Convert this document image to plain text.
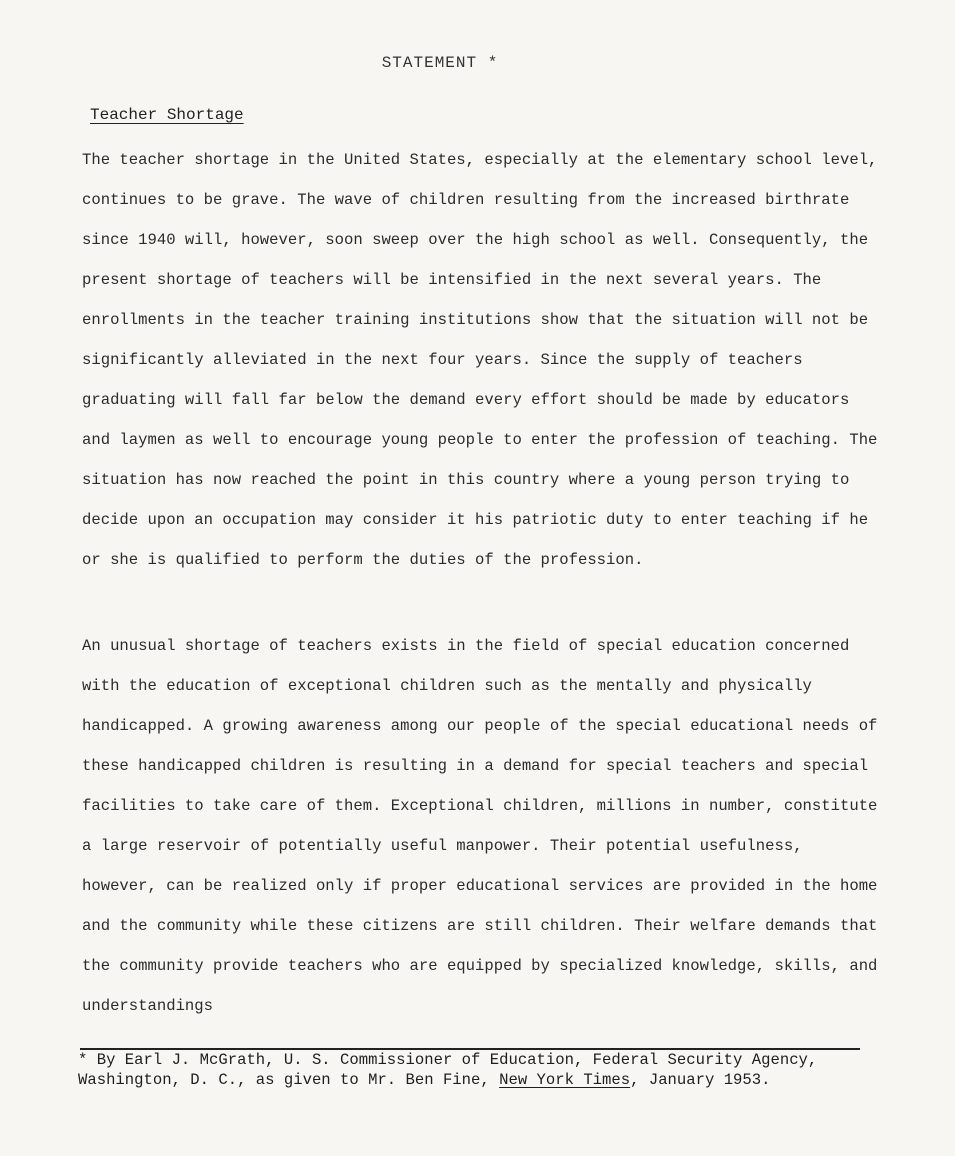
STATEMENT *
Teacher Shortage

The teacher shortage in the United States, especially at the elementary school level, continues to be grave. The wave of children resulting from the increased birthrate since 1940 will, however, soon sweep over the high school as well. Consequently, the present shortage of teachers will be intensified in the next several years. The enrollments in the teacher training institutions show that the situation will not be significantly alleviated in the next four years. Since the supply of teachers graduating will fall far below the demand every effort should be made by educators and laymen as well to encourage young people to enter the profession of teaching. The situation has now reached the point in this country where a young person trying to decide upon an occupation may consider it his patriotic duty to enter teaching if he or she is qualified to perform the duties of the profession.

An unusual shortage of teachers exists in the field of special education concerned with the education of exceptional children such as the mentally and physically handicapped. A growing awareness among our people of the special educational needs of these handicapped children is resulting in a demand for special teachers and special facilities to take care of them. Exceptional children, millions in number, constitute a large reservoir of potentially useful manpower. Their potential usefulness, however, can be realized only if proper educational services are provided in the home and the community while these citizens are still children. Their welfare demands that the community provide teachers who are equipped by specialized knowledge, skills, and understandings

* By Earl J. McGrath, U. S. Commissioner of Education, Federal Security Agency,
Washington, D. C., as given to Mr. Ben Fine, New York Times, January 1953.
